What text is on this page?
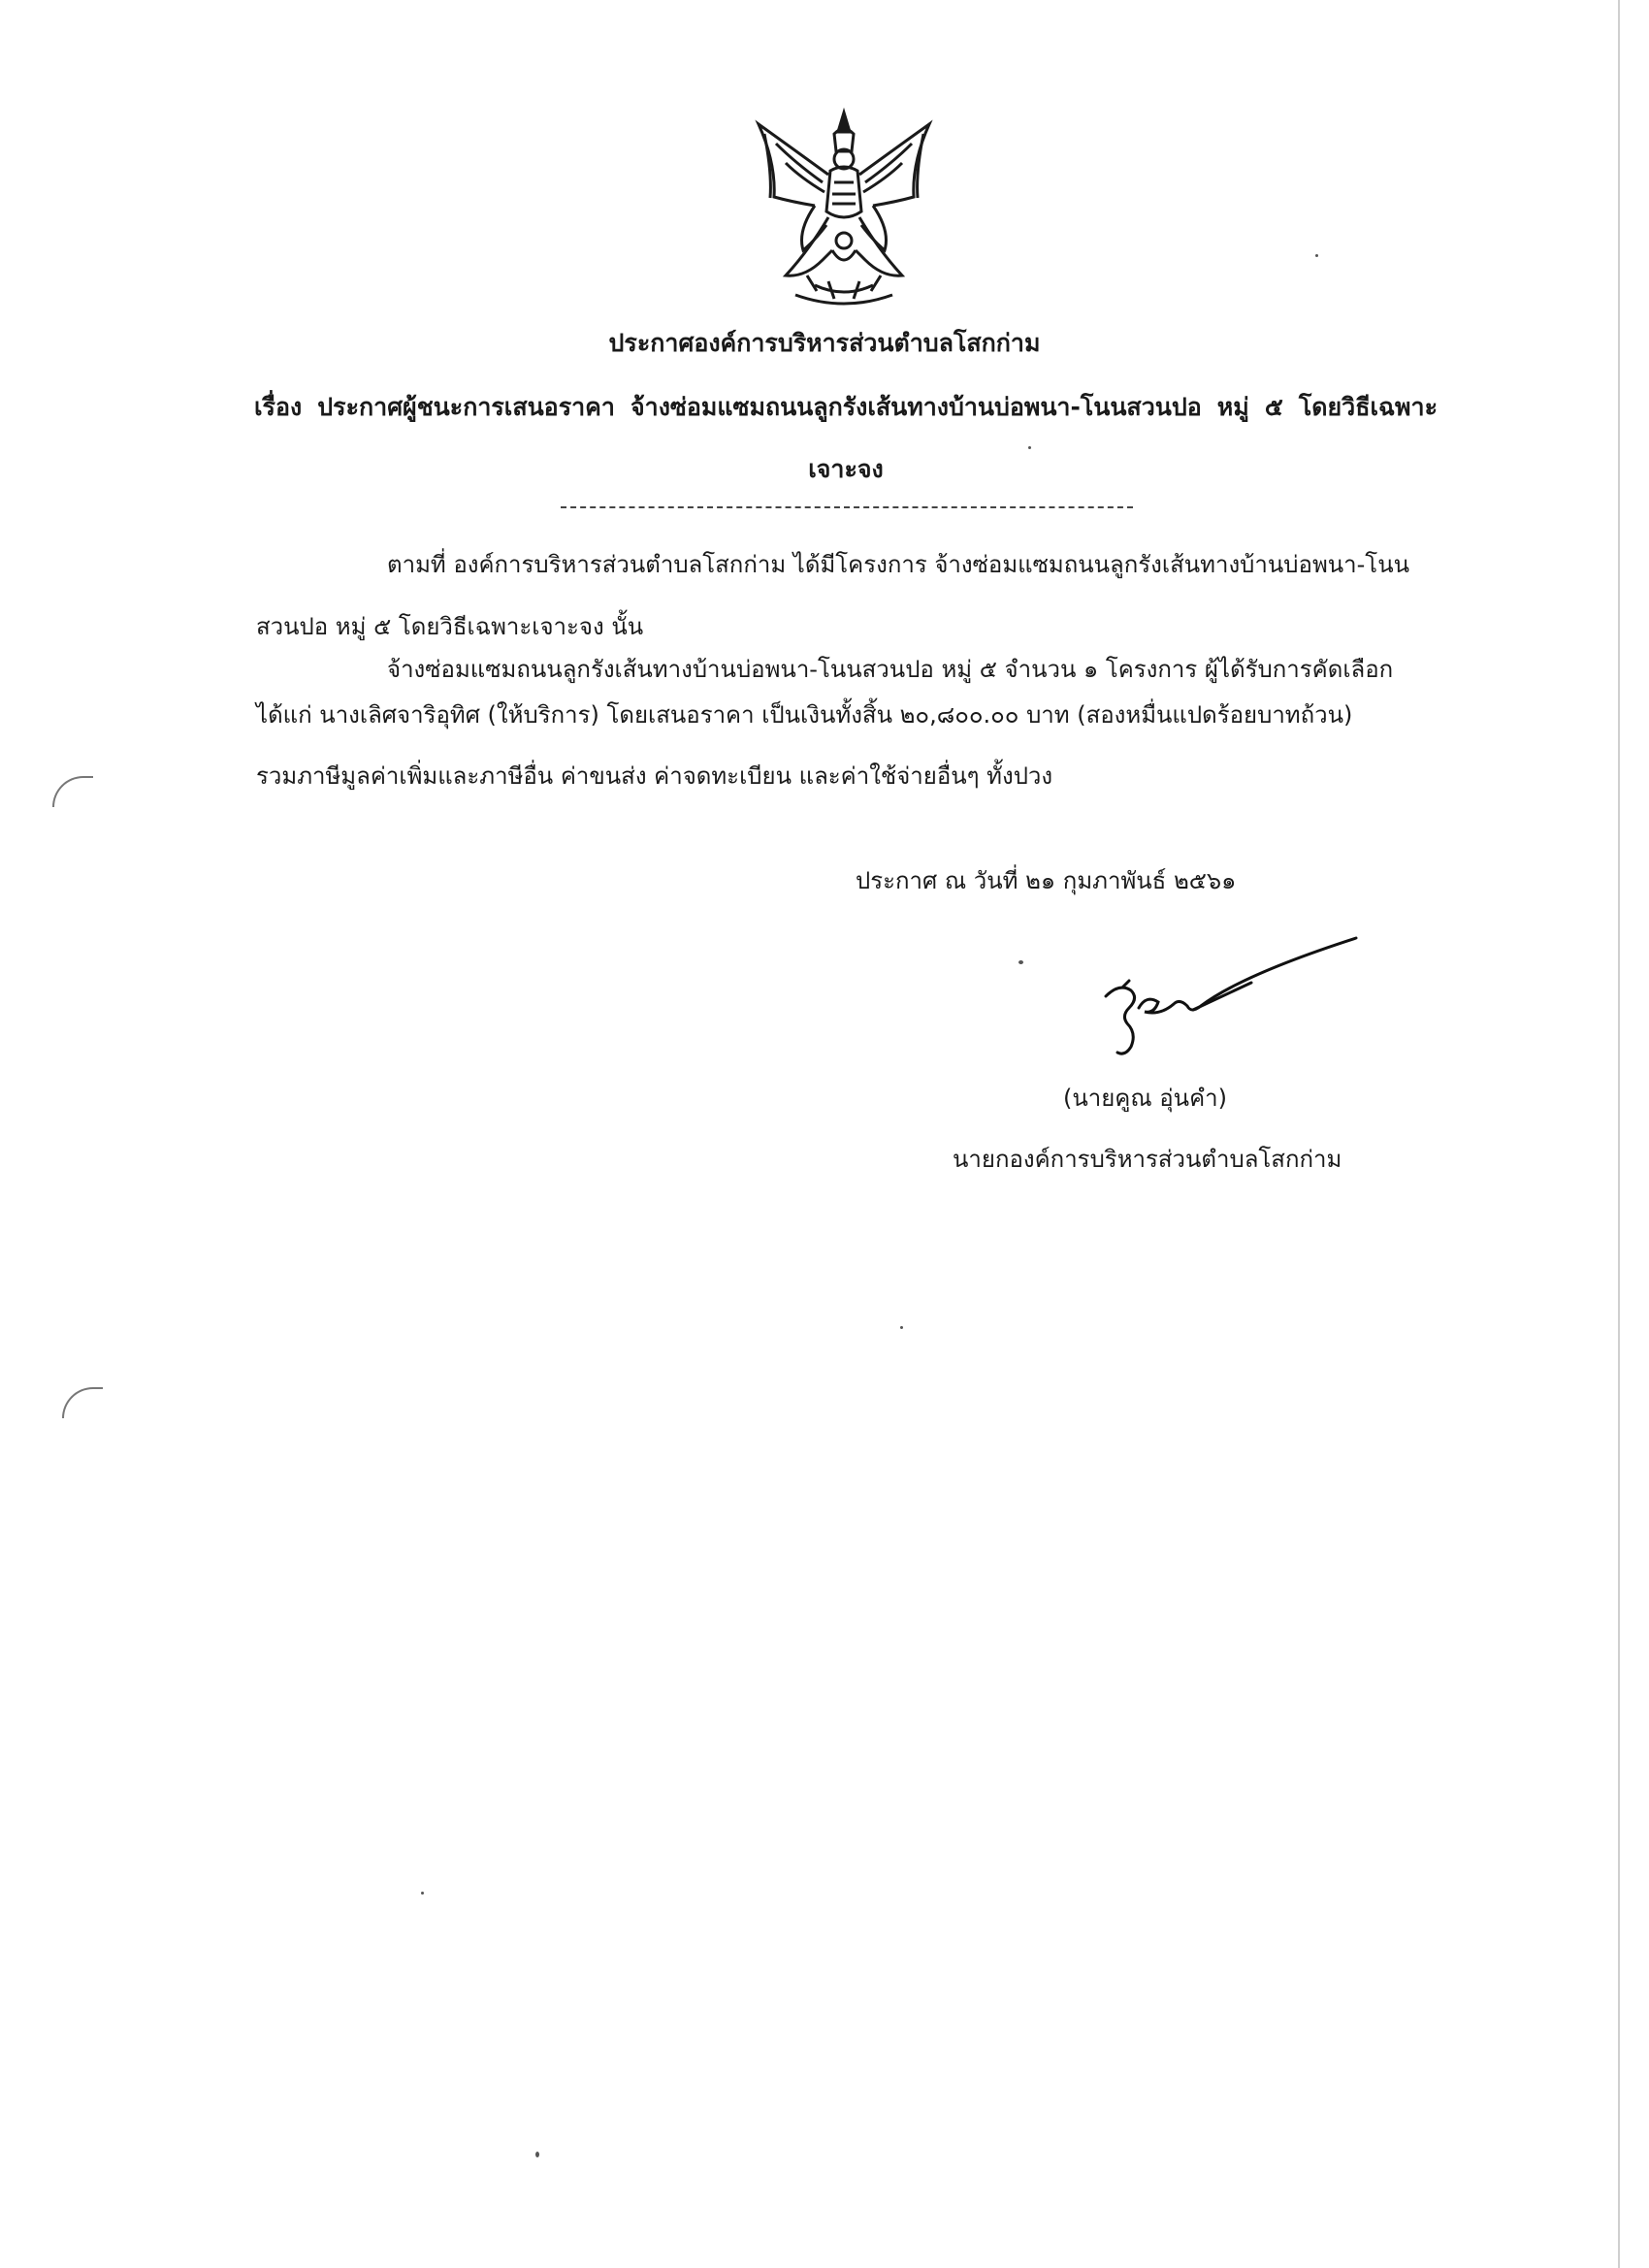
ประกาศองค์การบริหารส่วนตำบลโสกก่าม
เรื่อง ประกาศผู้ชนะการเสนอราคา จ้างซ่อมแซมถนนลูกรังเส้นทางบ้านบ่อพนา-โนนสวนปอ หมู่ ๕ โดยวิธีเฉพาะเจาะจง
ตามที่ องค์การบริหารส่วนตำบลโสกก่าม ได้มีโครงการ จ้างซ่อมแซมถนนลูกรังเส้นทางบ้านบ่อพนา-โนน
สวนปอ หมู่ ๕ โดยวิธีเฉพาะเจาะจง นั้น
จ้างซ่อมแซมถนนลูกรังเส้นทางบ้านบ่อพนา-โนนสวนปอ หมู่ ๕ จำนวน ๑ โครงการ ผู้ได้รับการคัดเลือก
ได้แก่ นางเลิศจาริอุทิศ (ให้บริการ) โดยเสนอราคา เป็นเงินทั้งสิ้น ๒๐,๘๐๐.๐๐ บาท (สองหมื่นแปดร้อยบาทถ้วน)
รวมภาษีมูลค่าเพิ่มและภาษีอื่น ค่าขนส่ง ค่าจดทะเบียน และค่าใช้จ่ายอื่นๆ ทั้งปวง
ประกาศ ณ วันที่ ๒๑ กุมภาพันธ์ ๒๕๖๑
(นายคูณ อุ่นคำ)
นายกองค์การบริหารส่วนตำบลโสกก่าม
